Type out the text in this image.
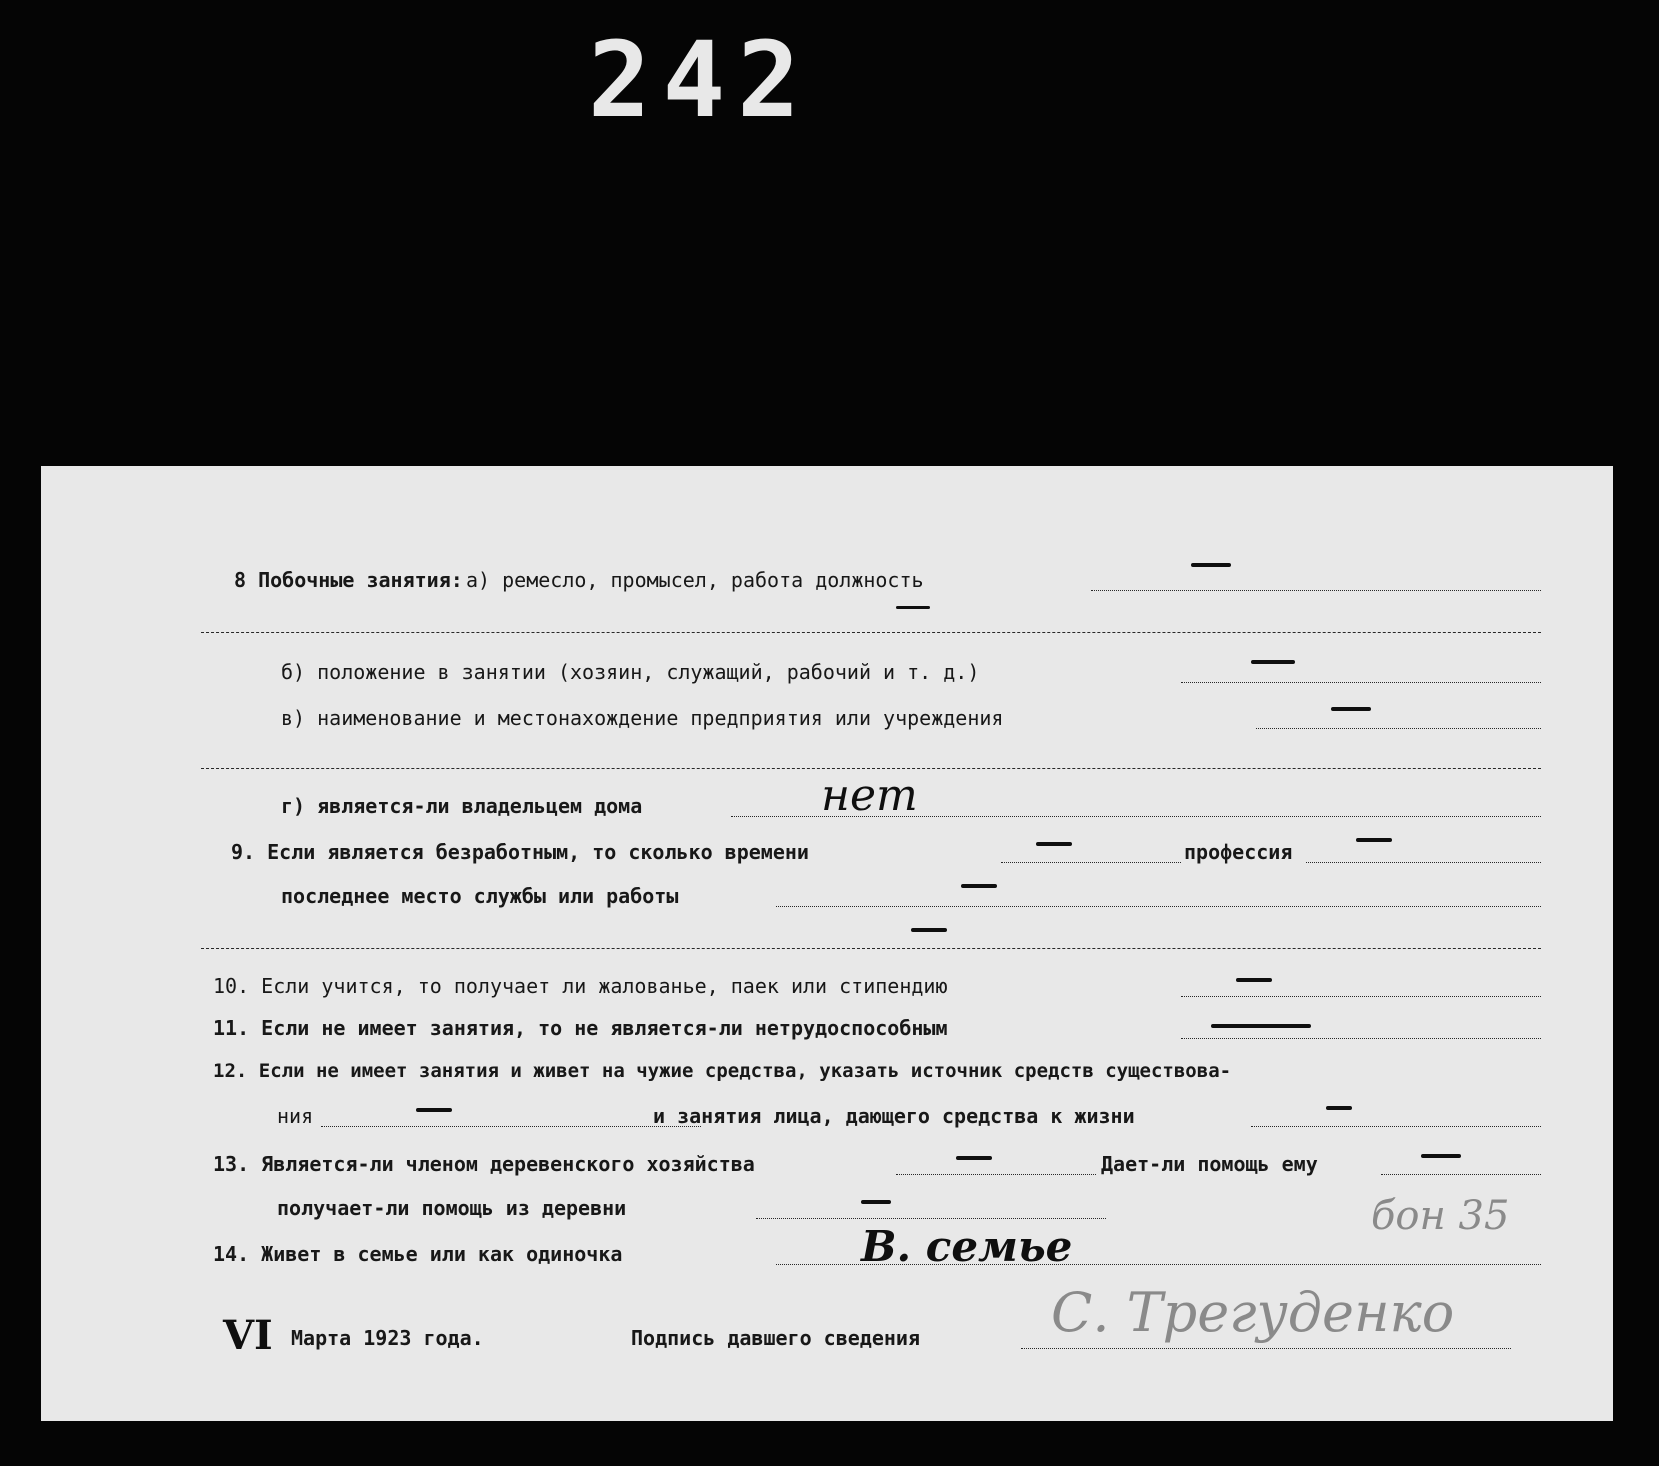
242
8 Побочные занятия: а) ремесло, промысел, работа должность
б) положение в занятии (хозяин, служащий, рабочий и т. д.)
в) наименование и местонахождение предприятия или учреждения
г) является-ли владельцем дома	нет
9. Если является безработным, то сколько времени	профессия
последнее место службы или работы
10. Если учится, то получает ли жалованье, паек или стипендию
11. Если не имеет занятия, то не является-ли нетрудоспособным
12. Если не имеет занятия и живет на чужие средства, указать источник средств существова-
ния	и занятия лица, дающего средства к жизни
13. Является-ли членом деревенского хозяйства	Дает-ли помощь ему
получает-ли помощь из деревни	бон 35
14. Живет в семье или как одиночка	В. семье
VI Марта 1923 года.	Подпись давшего сведения С. Трегуденко
